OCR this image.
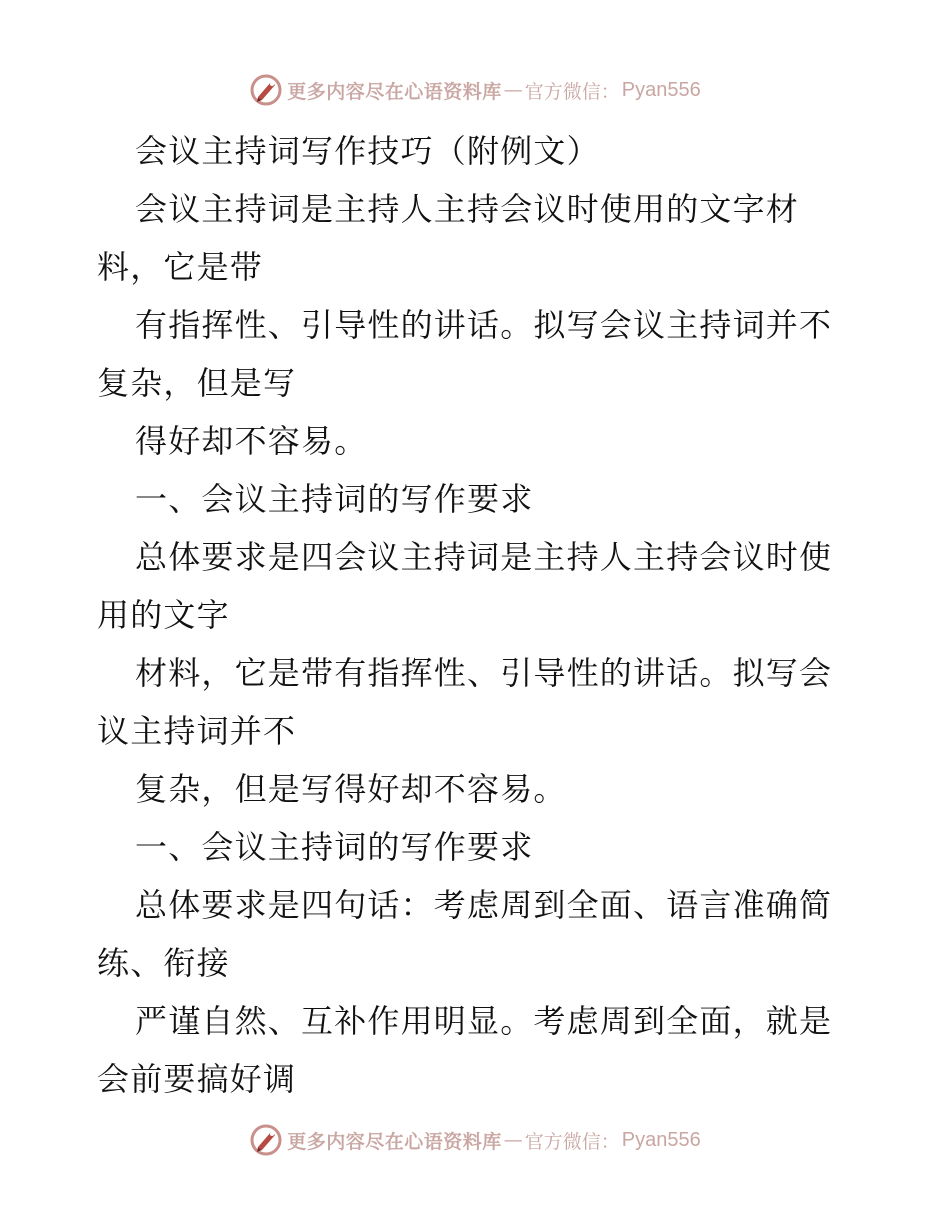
更多内容尽在心语资料库 — 官方微信： Pyan556
会议主持词写作技巧（附例文）
会议主持词是主持人主持会议时使用的文字材
料，它是带
有指挥性、引导性的讲话。拟写会议主持词并不
复杂，但是写
得好却不容易。
一、会议主持词的写作要求
总体要求是四会议主持词是主持人主持会议时使
用的文字
材料，它是带有指挥性、引导性的讲话。拟写会
议主持词并不
复杂，但是写得好却不容易。
一、会议主持词的写作要求
总体要求是四句话：考虑周到全面、语言准确简
练、衔接
严谨自然、互补作用明显。考虑周到全面，就是
会前要搞好调
更多内容尽在心语资料库 — 官方微信： Pyan556
